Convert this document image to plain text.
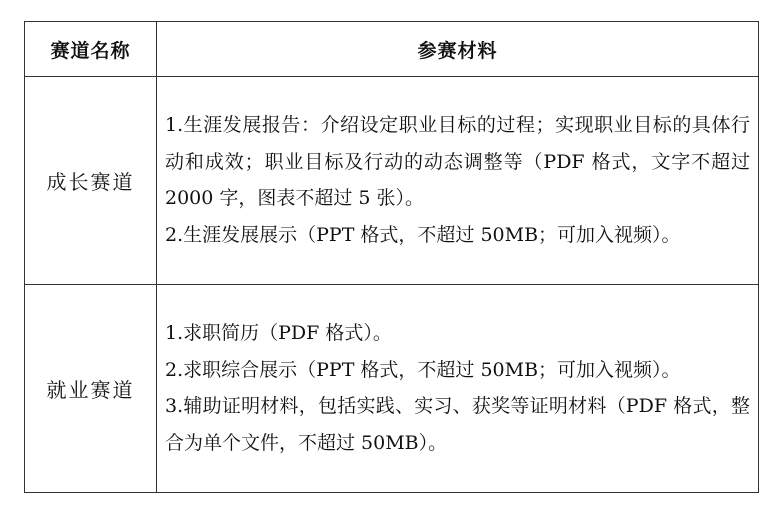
赛道名称	参赛材料
成长赛道	1.生涯发展报告：介绍设定职业目标的过程；实现职业目标的具体行动和成效；职业目标及行动的动态调整等（PDF 格式，文字不超过 2000 字，图表不超过 5 张）。

2.生涯发展展示（PPT 格式，不超过 50MB；可加入视频）。

就业赛道	1.求职简历（PDF 格式）。

2.求职综合展示（PPT 格式，不超过 50MB；可加入视频）。

3.辅助证明材料，包括实践、实习、获奖等证明材料（PDF 格式，整合为单个文件，不超过 50MB）。
